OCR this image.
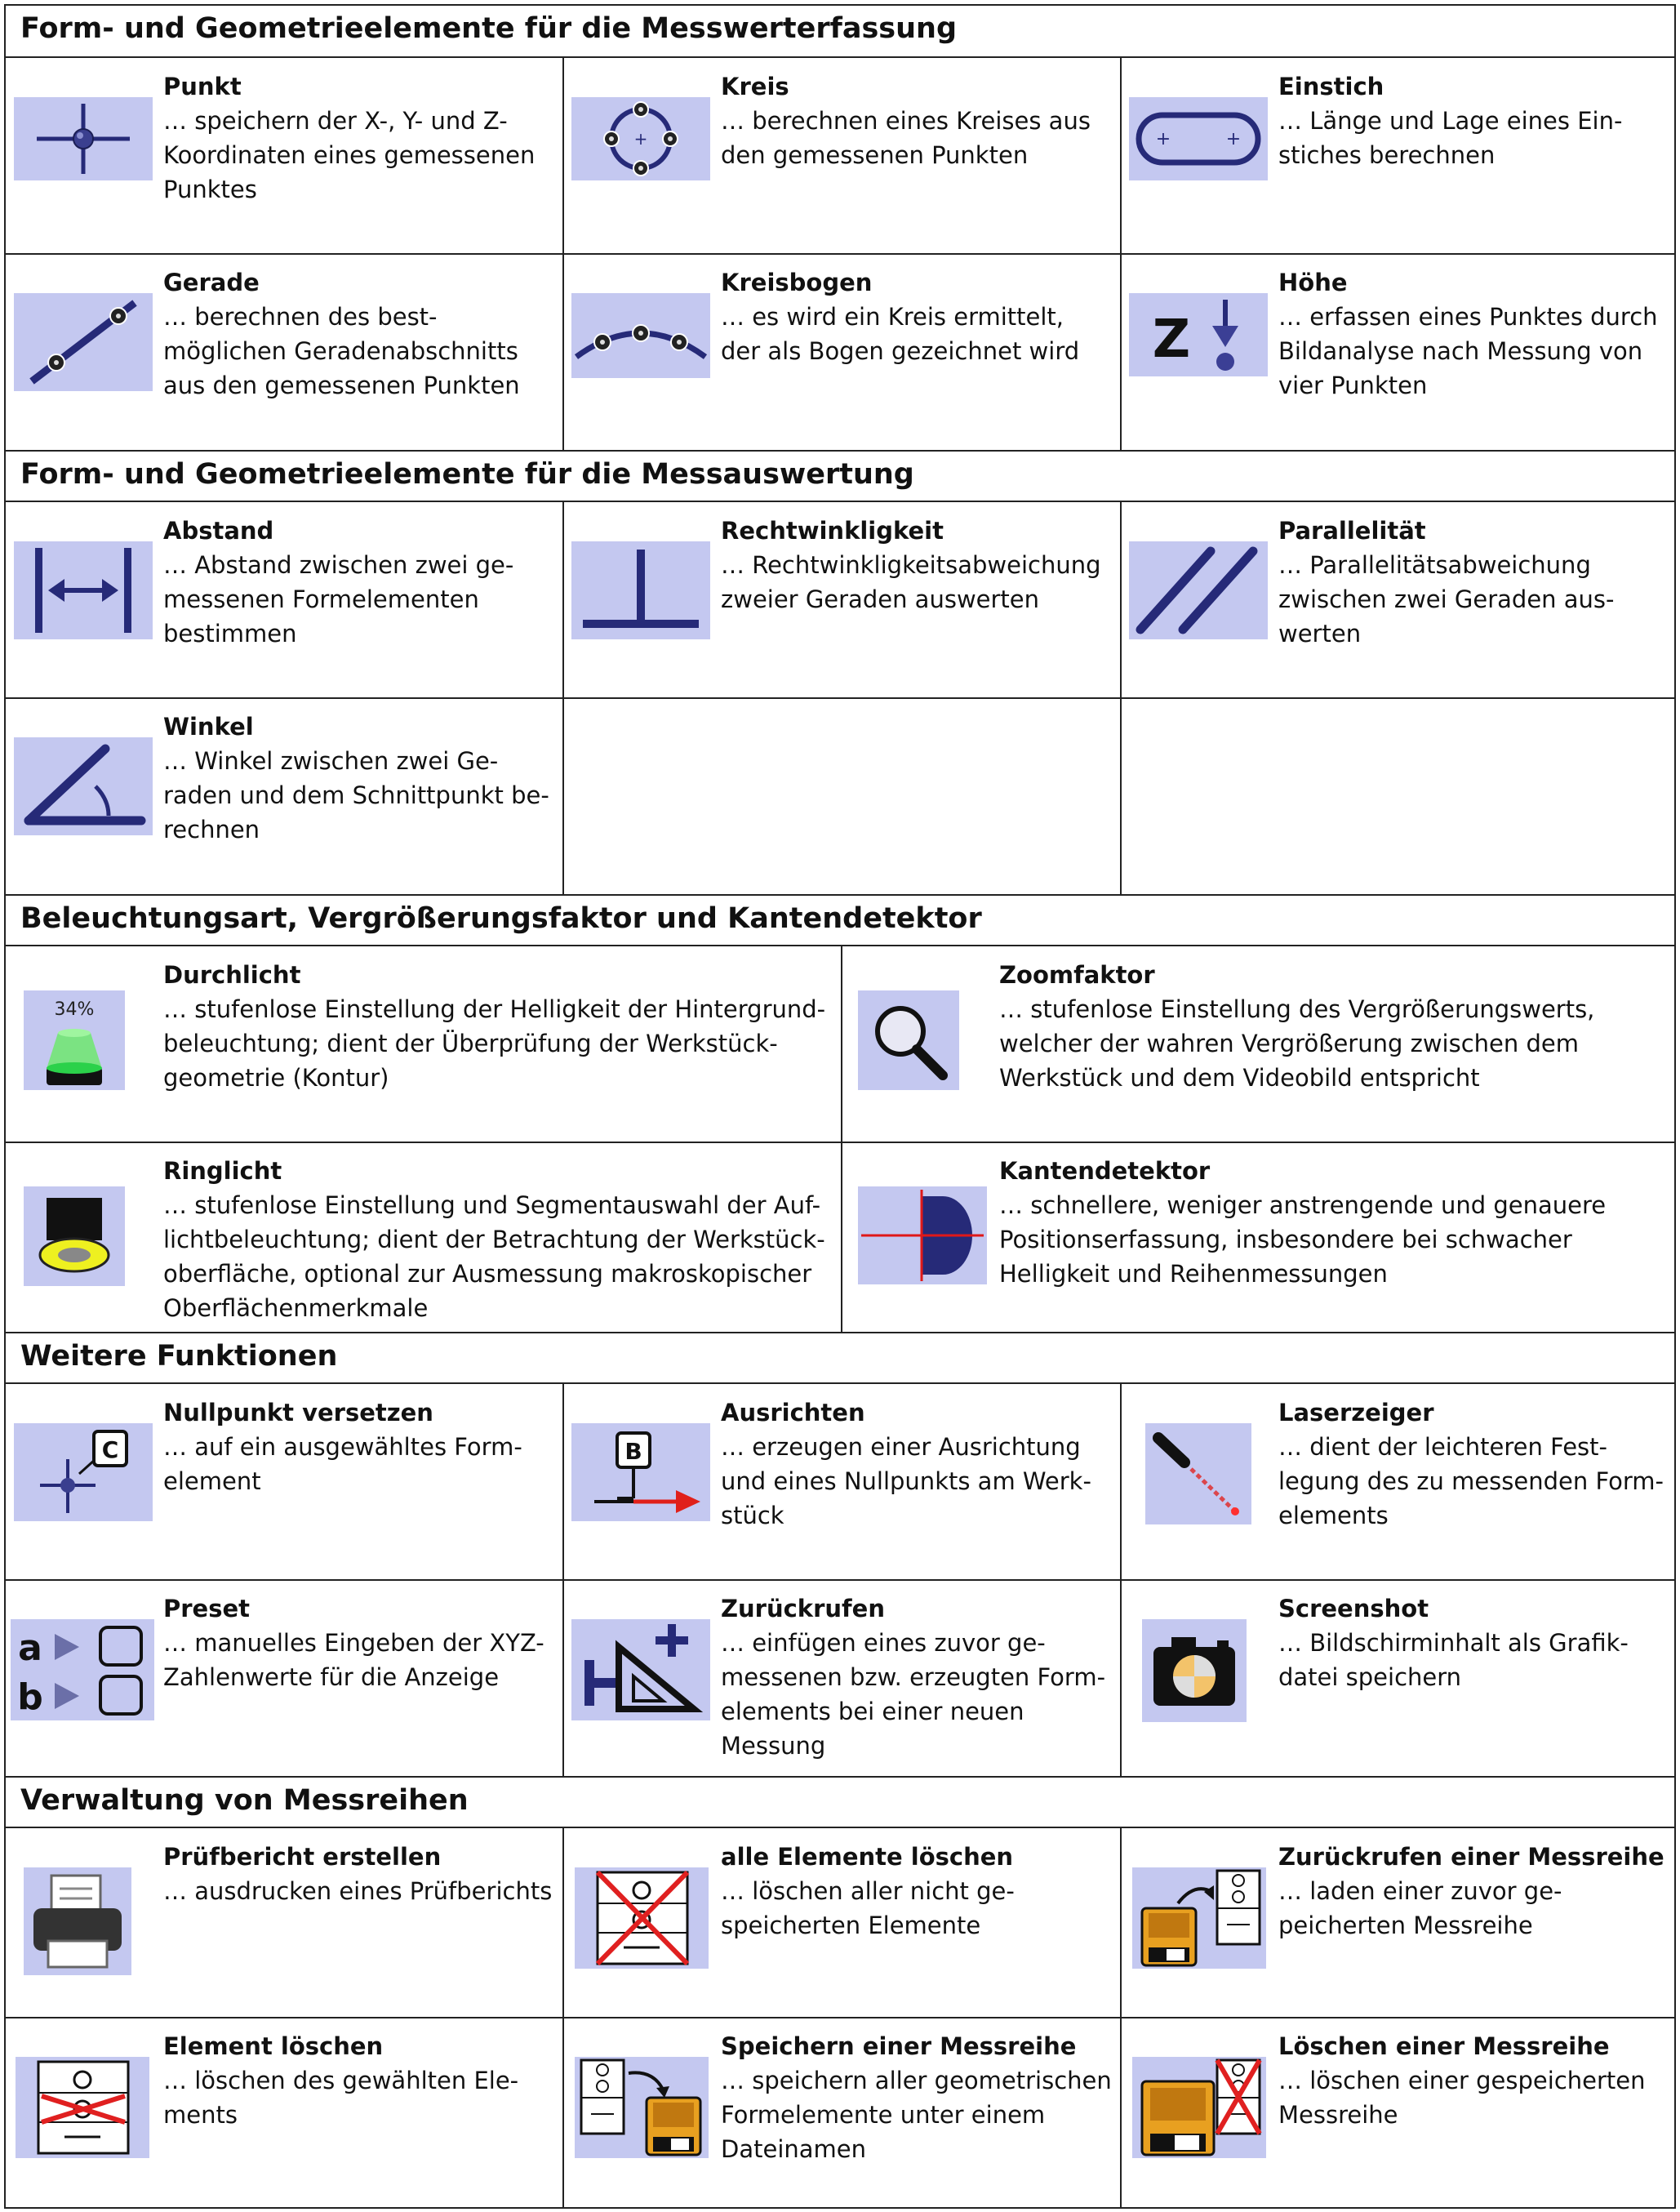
Form- und Geometrieelemente für die Messwerterfassung

Punkt

… speichern der X-, Y- und Z-
Koordinaten eines gemessenen
Punktes

+

Kreis

… berechnen eines Kreises aus
den gemessenen Punkten

+	+

Einstich

… Länge und Lage eines Ein-
stiches berechnen

Gerade

… berechnen des best-
möglichen Geradenabschnitts
aus den gemessenen Punkten

Kreisbogen

… es wird ein Kreis ermittelt,
der als Bogen gezeichnet wird	Z

Höhe

… erfassen eines Punktes durch
Bildanalyse nach Messung von
vier Punkten

Form- und Geometrieelemente für die Messauswertung

Abstand

… Abstand zwischen zwei ge-
messenen Formelementen
bestimmen

Rechtwinkligkeit

… Rechtwinkligkeitsabweichung
zweier Geraden auswerten

Parallelität

… Parallelitätsabweichung
zwischen zwei Geraden aus-
werten

Winkel

… Winkel zwischen zwei Ge-
raden und dem Schnittpunkt be-
rechnen

Beleuchtungsart, Vergrößerungsfaktor und Kantendetektor
34%

Durchlicht

… stufenlose Einstellung der Helligkeit der Hintergrund-
beleuchtung; dient der Überprüfung der Werkstück-
geometrie (Kontur)

Zoomfaktor

… stufenlose Einstellung des Vergrößerungswerts,
welcher der wahren Vergrößerung zwischen dem
Werkstück und dem Videobild entspricht

Ringlicht

… stufenlose Einstellung und Segmentauswahl der Auf-
lichtbeleuchtung; dient der Betrachtung der Werkstück-
oberfläche, optional zur Ausmessung makroskopischer
Oberflächenmerkmale

Kantendetektor

… schnellere, weniger anstrengende und genauere
Positionserfassung, insbesondere bei schwacher
Helligkeit und Reihenmessungen

Weitere Funktionen
C

Nullpunkt versetzen

… auf ein ausgewähltes Form-
element

B

Ausrichten

… erzeugen einer Ausrichtung
und eines Nullpunkts am Werk-
stück

Laserzeiger

… dient der leichteren Fest-
legung des zu messenden Form-
elements

a
b

Preset

… manuelles Eingeben der XYZ-
Zahlenwerte für die Anzeige

Zurückrufen

… einfügen eines zuvor ge-
messenen bzw. erzeugten Form-
elements bei einer neuen
Messung

Screenshot

… Bildschirminhalt als Grafik-
datei speichern

Verwaltung von Messreihen

Prüfbericht erstellen

… ausdrucken eines Prüfberichts

alle Elemente löschen

… löschen aller nicht ge-
speicherten Elemente

Zurückrufen einer Messreihe

… laden einer zuvor ge-
peicherten Messreihe

Element löschen

… löschen des gewählten Ele-
ments

Speichern einer Messreihe

… speichern aller geometrischen
Formelemente unter einem
Dateinamen

Löschen einer Messreihe

… löschen einer gespeicherten
Messreihe
